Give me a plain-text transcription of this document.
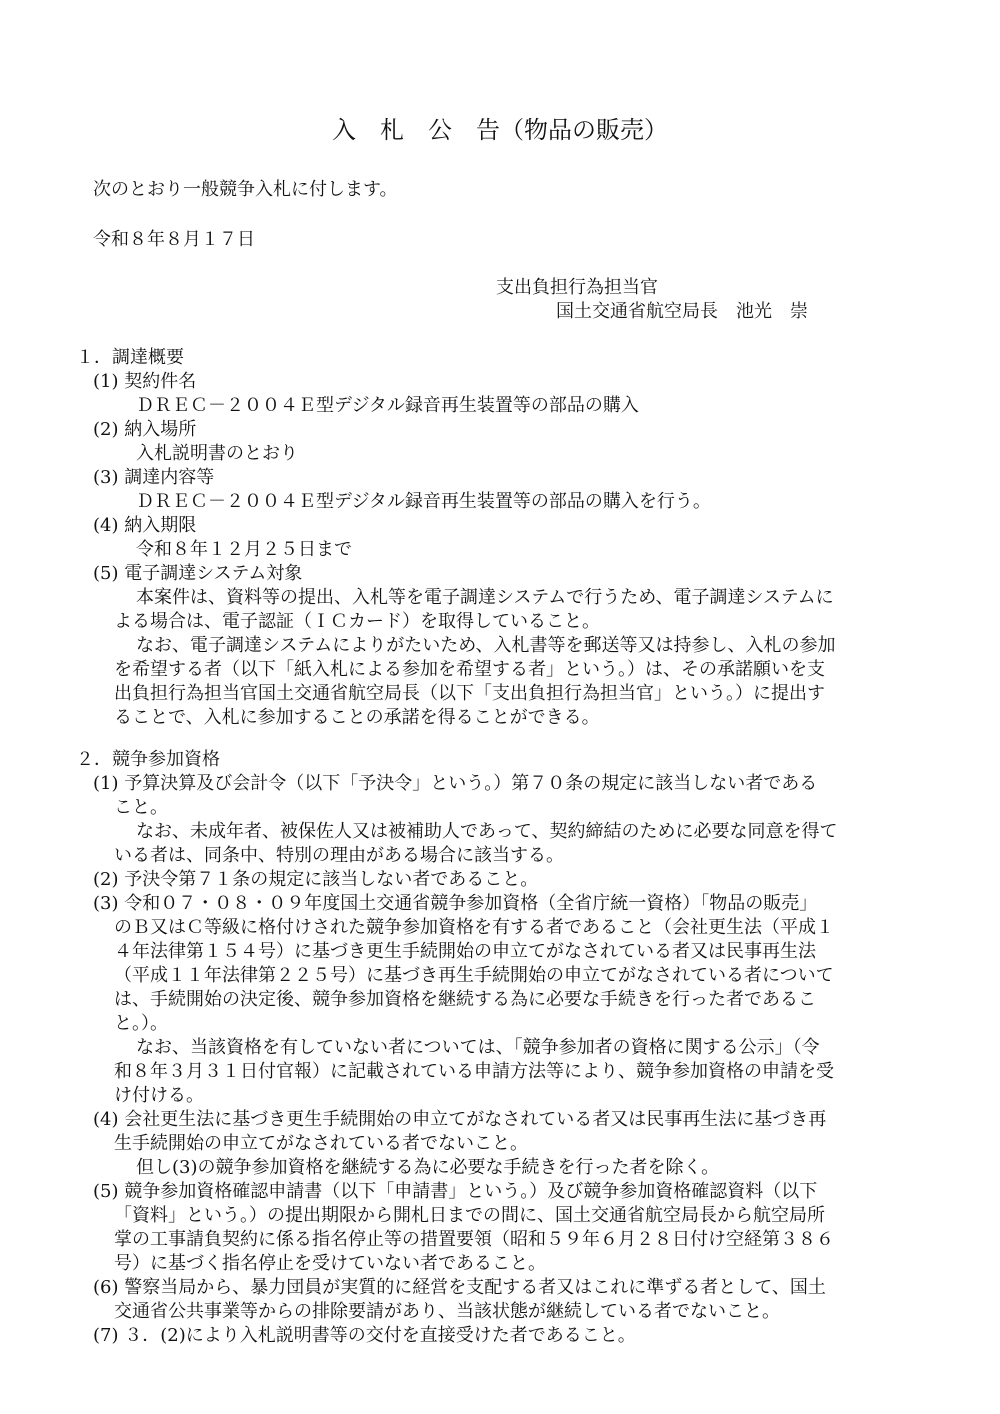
入　札　公　告（物品の販売）
次のとおり一般競争入札に付します。
令和８年８月１７日
支出負担行為担当官
国土交通省航空局長　池光　崇
１．調達概要
(1) 契約件名
ＤＲＥＣ－２００４Ｅ型デジタル録音再生装置等の部品の購入
(2) 納入場所
入札説明書のとおり
(3) 調達内容等
ＤＲＥＣ－２００４Ｅ型デジタル録音再生装置等の部品の購入を行う。
(4) 納入期限
令和８年１２月２５日まで
(5) 電子調達システム対象
本案件は、資料等の提出、入札等を電子調達システムで行うため、電子調達システムに
よる場合は、電子認証（ＩＣカード）を取得していること。
なお、電子調達システムによりがたいため、入札書等を郵送等又は持参し、入札の参加
を希望する者（以下「紙入札による参加を希望する者」という。）は、その承諾願いを支
出負担行為担当官国土交通省航空局長（以下「支出負担行為担当官」という。）に提出す
ることで、入札に参加することの承諾を得ることができる。
２．競争参加資格
(1) 予算決算及び会計令（以下「予決令」という。）第７０条の規定に該当しない者である
こと。
なお、未成年者、被保佐人又は被補助人であって、契約締結のために必要な同意を得て
いる者は、同条中、特別の理由がある場合に該当する。
(2) 予決令第７１条の規定に該当しない者であること。
(3) 令和０７・０８・０９年度国土交通省競争参加資格（全省庁統一資格）「物品の販売」
のＢ又はＣ等級に格付けされた競争参加資格を有する者であること（会社更生法（平成１
４年法律第１５４号）に基づき更生手続開始の申立てがなされている者又は民事再生法
（平成１１年法律第２２５号）に基づき再生手続開始の申立てがなされている者について
は、手続開始の決定後、競争参加資格を継続する為に必要な手続きを行った者であるこ
と。）。
なお、当該資格を有していない者については、「競争参加者の資格に関する公示」（令
和８年３月３１日付官報）に記載されている申請方法等により、競争参加資格の申請を受
け付ける。
(4) 会社更生法に基づき更生手続開始の申立てがなされている者又は民事再生法に基づき再
生手続開始の申立てがなされている者でないこと。
但し(3)の競争参加資格を継続する為に必要な手続きを行った者を除く。
(5) 競争参加資格確認申請書（以下「申請書」という。）及び競争参加資格確認資料（以下
「資料」という。）の提出期限から開札日までの間に、国土交通省航空局長から航空局所
掌の工事請負契約に係る指名停止等の措置要領（昭和５９年６月２８日付け空経第３８６
号）に基づく指名停止を受けていない者であること。
(6) 警察当局から、暴力団員が実質的に経営を支配する者又はこれに準ずる者として、国土
交通省公共事業等からの排除要請があり、当該状態が継続している者でないこと。
(7) ３．(2)により入札説明書等の交付を直接受けた者であること。
